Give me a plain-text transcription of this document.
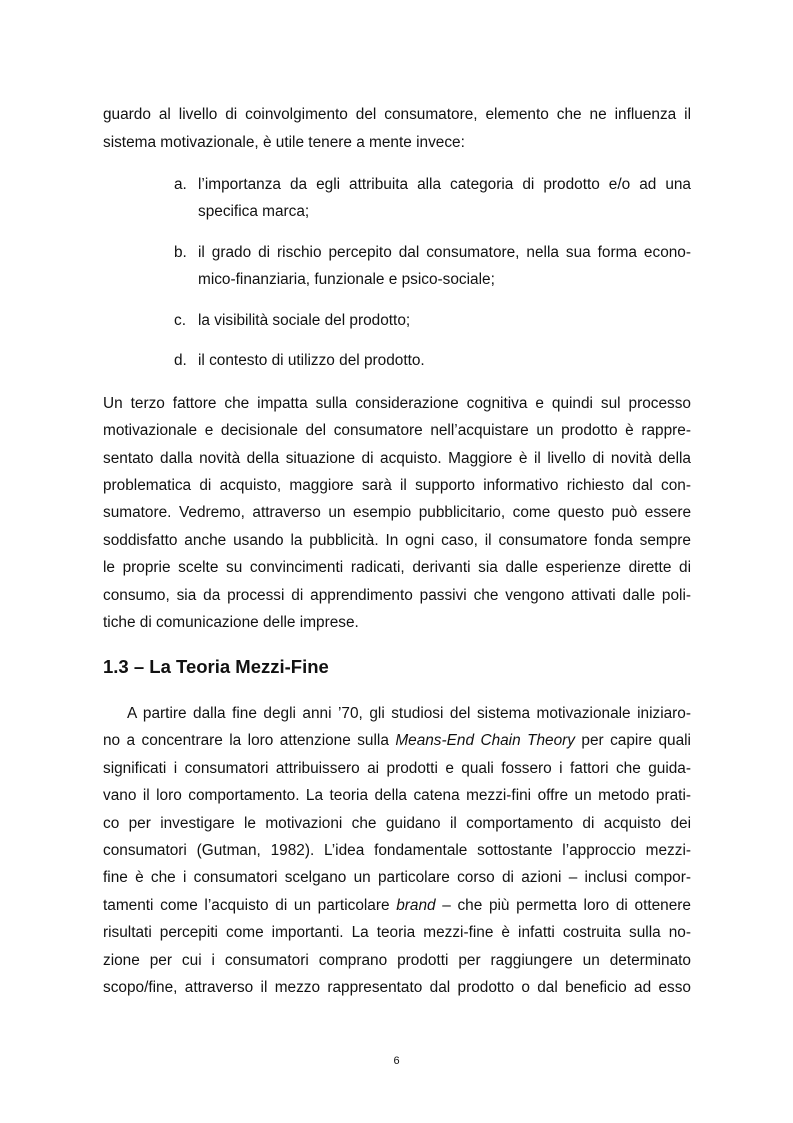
guardo al livello di coinvolgimento del consumatore, elemento che ne influenza il
sistema motivazionale, è utile tenere a mente invece:
a. l’importanza da egli attribuita alla categoria di prodotto e/o ad una
specifica marca;
b. il grado di rischio percepito dal consumatore, nella sua forma econo-
mico-finanziaria, funzionale e psico-sociale;
c. la visibilità sociale del prodotto;
d. il contesto di utilizzo del prodotto.
Un terzo fattore che impatta sulla considerazione cognitiva e quindi sul processo
motivazionale e decisionale del consumatore nell’acquistare un prodotto è rappre-
sentato dalla novità della situazione di acquisto. Maggiore è il livello di novità della
problematica di acquisto, maggiore sarà il supporto informativo richiesto dal con-
sumatore. Vedremo, attraverso un esempio pubblicitario, come questo può essere
soddisfatto anche usando la pubblicità. In ogni caso, il consumatore fonda sempre
le proprie scelte su convincimenti radicati, derivanti sia dalle esperienze dirette di
consumo, sia da processi di apprendimento passivi che vengono attivati dalle poli-
tiche di comunicazione delle imprese.
1.3 – La Teoria Mezzi-Fine
A partire dalla fine degli anni ’70, gli studiosi del sistema motivazionale iniziaro-
no a concentrare la loro attenzione sulla Means-End Chain Theory per capire quali
significati i consumatori attribuissero ai prodotti e quali fossero i fattori che guida-
vano il loro comportamento. La teoria della catena mezzi-fini offre un metodo prati-
co per investigare le motivazioni che guidano il comportamento di acquisto dei
consumatori (Gutman, 1982). L’idea fondamentale sottostante l’approccio mezzi-
fine è che i consumatori scelgano un particolare corso di azioni – inclusi compor-
tamenti come l’acquisto di un particolare brand – che più permetta loro di ottenere
risultati percepiti come importanti. La teoria mezzi-fine è infatti costruita sulla no-
zione per cui i consumatori comprano prodotti per raggiungere un determinato
scopo/fine, attraverso il mezzo rappresentato dal prodotto o dal beneficio ad esso
6
